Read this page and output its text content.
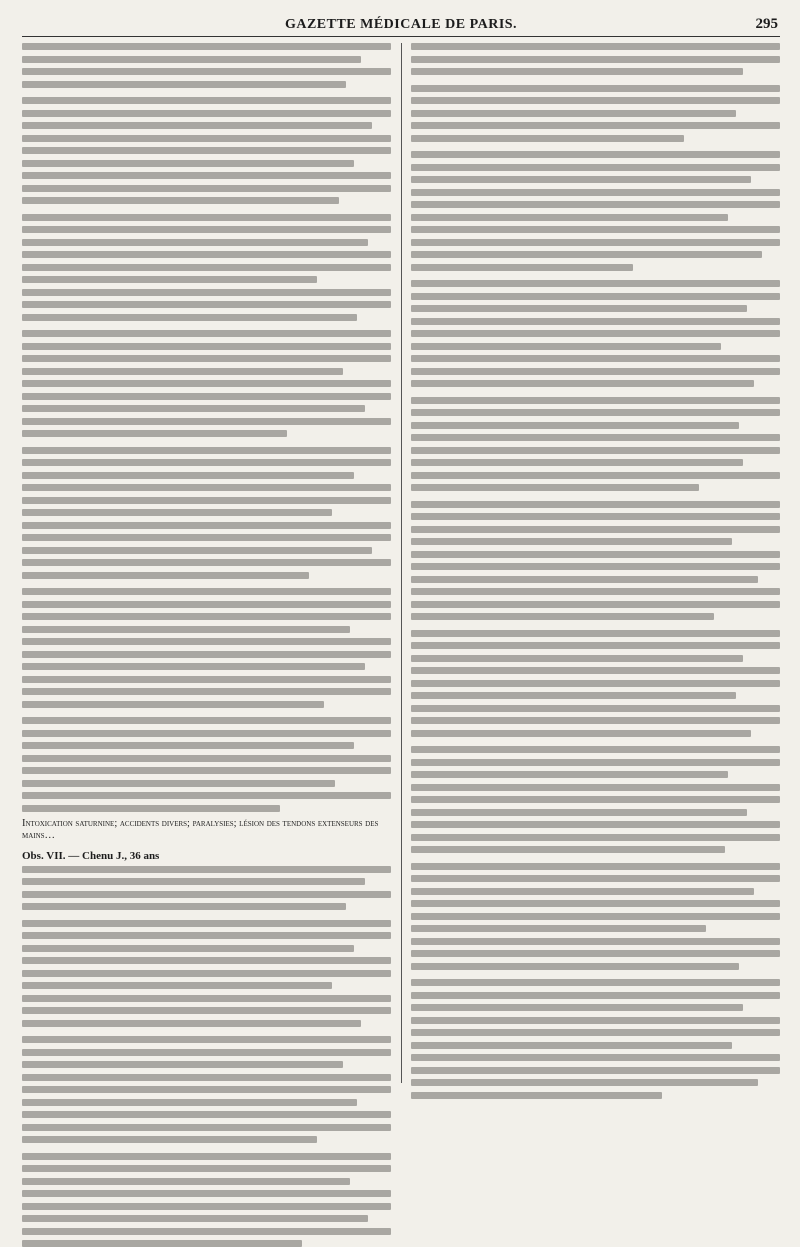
GAZETTE MÉDICALE DE PARIS.	295
Intoxication saturnine; accidents divers; paralysies; lésion des tendons extenseurs des mains…
Obs. VII. — Chenu J., 36 ans
